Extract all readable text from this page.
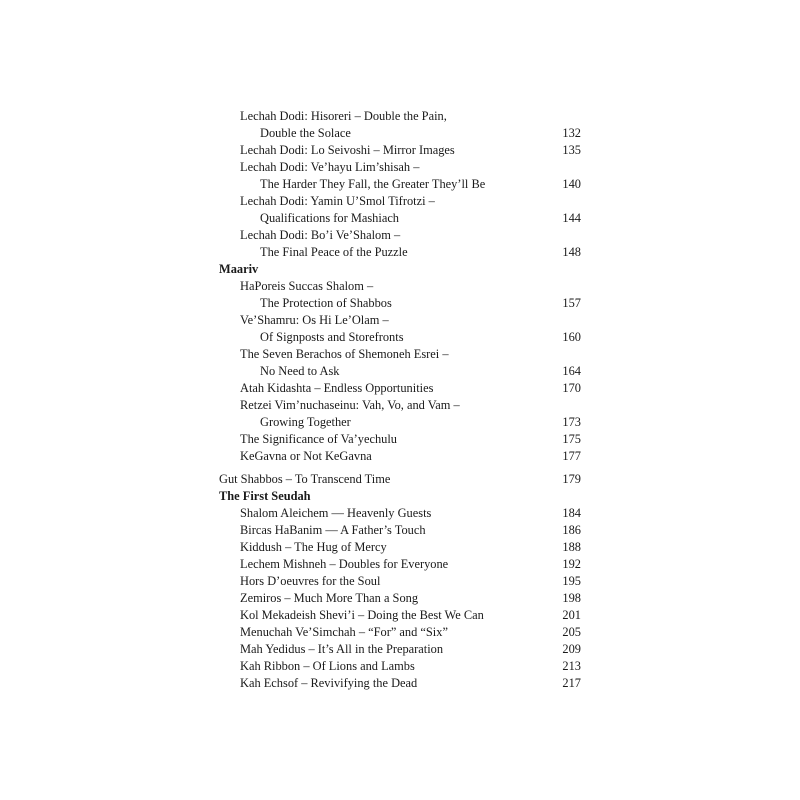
Lechah Dodi: Hisoreri – Double the Pain,
Double the Solace	132
Lechah Dodi: Lo Seivoshi – Mirror Images	135
Lechah Dodi: Ve’hayu Lim’shisah –
The Harder They Fall, the Greater They’ll Be	140
Lechah Dodi: Yamin U’Smol Tifrotzi –
Qualifications for Mashiach	144
Lechah Dodi: Bo’i Ve’Shalom –
The Final Peace of the Puzzle	148
Maariv
HaPoreis Succas Shalom –
The Protection of Shabbos	157
Ve’Shamru: Os Hi Le’Olam –
Of Signposts and Storefronts	160
The Seven Berachos of Shemoneh Esrei –
No Need to Ask	164
Atah Kidashta – Endless Opportunities	170
Retzei Vim’nuchaseinu: Vah, Vo, and Vam –
Growing Together	173
The Significance of Va’yechulu	175
KeGavna or Not KeGavna	177
Gut Shabbos – To Transcend Time	179
The First Seudah
Shalom Aleichem — Heavenly Guests	184
Bircas HaBanim — A Father’s Touch	186
Kiddush – The Hug of Mercy	188
Lechem Mishneh – Doubles for Everyone	192
Hors D’oeuvres for the Soul	195
Zemiros – Much More Than a Song	198
Kol Mekadeish Shevi’i – Doing the Best We Can	201
Menuchah Ve’Simchah – “For” and “Six”	205
Mah Yedidus – It’s All in the Preparation	209
Kah Ribbon – Of Lions and Lambs	213
Kah Echsof – Revivifying the Dead	217
